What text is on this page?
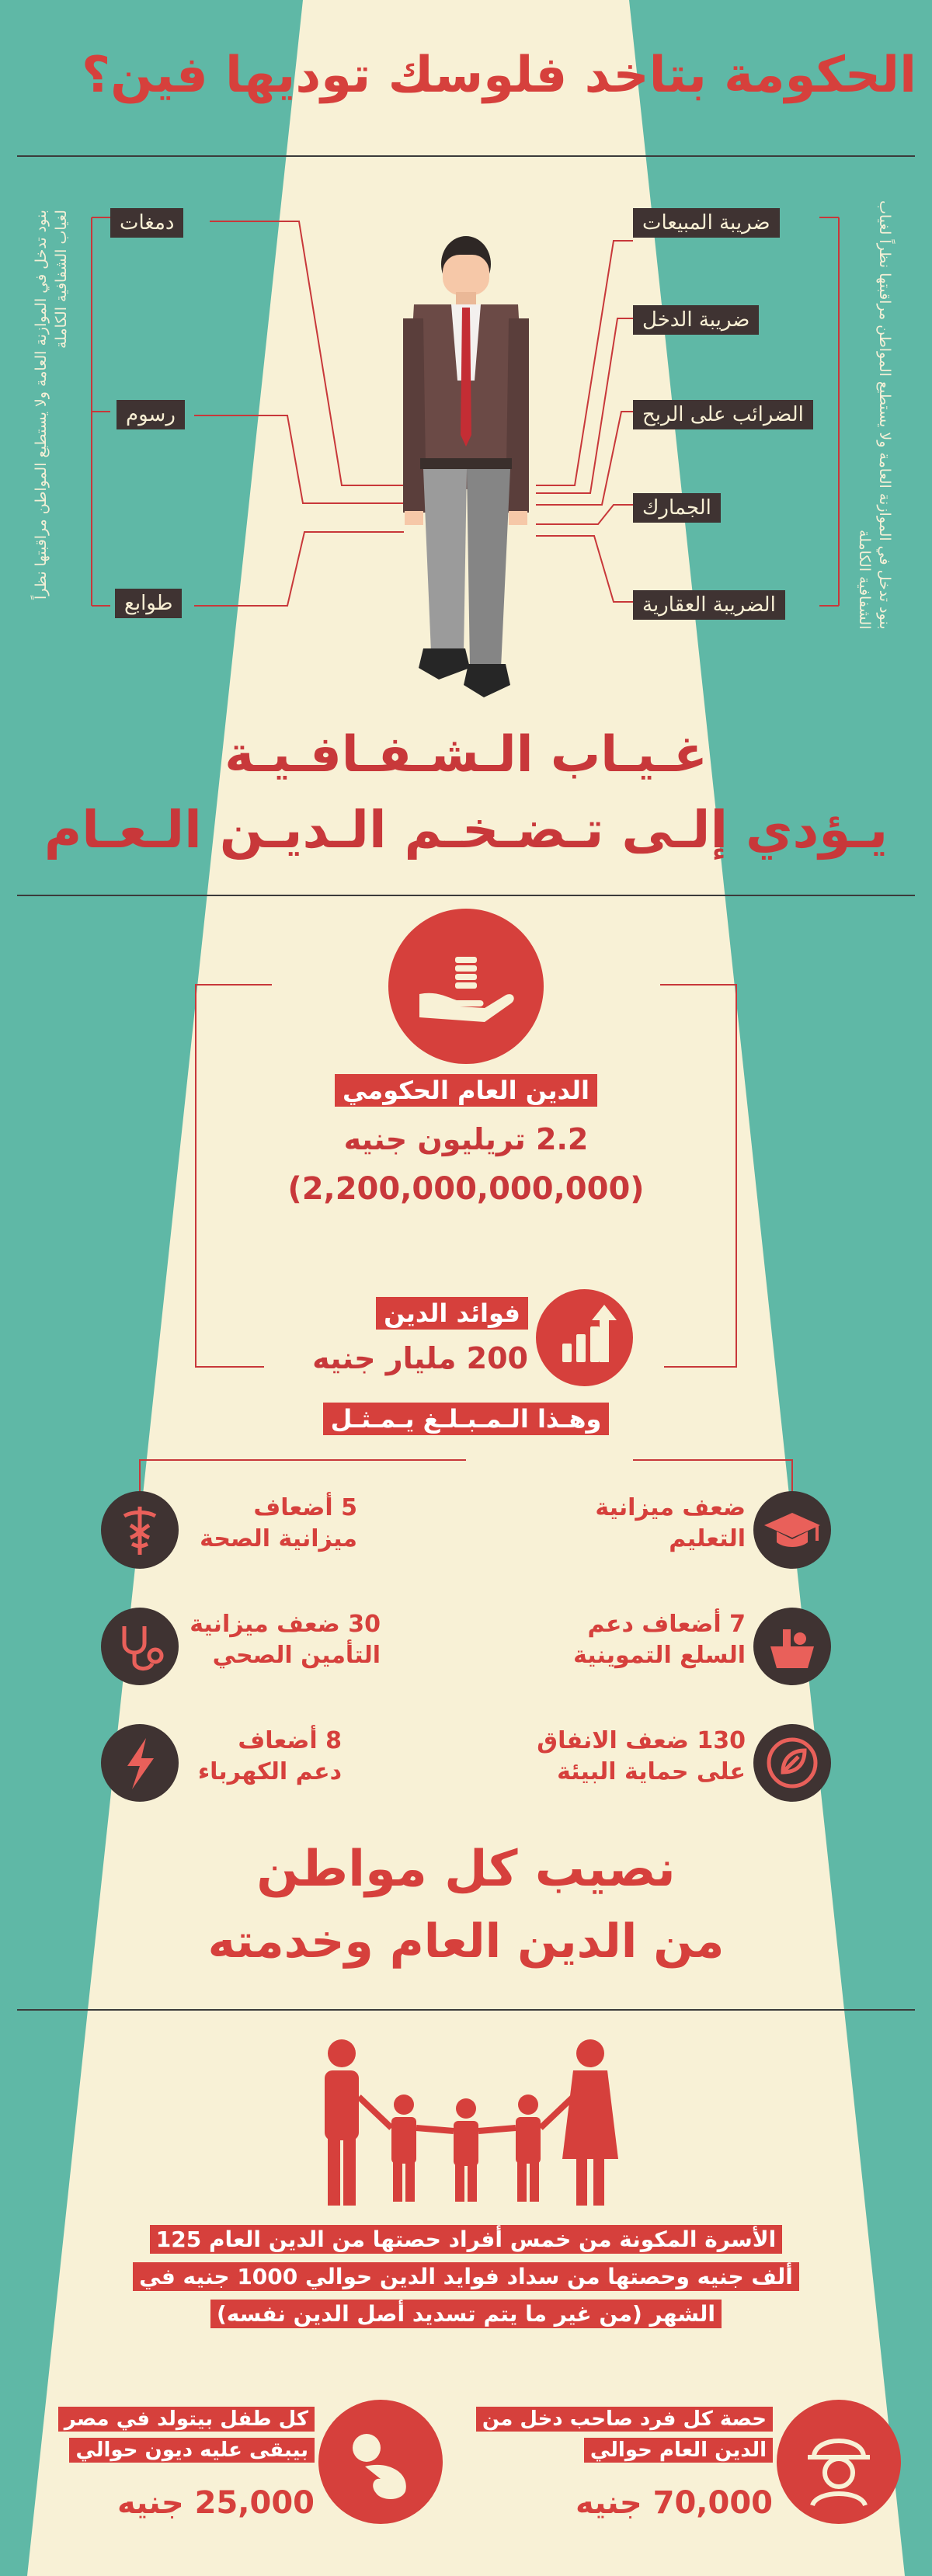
الحكومة بتاخد فلوسك توديها فين؟
دمغات
رسوم
طوابع
ضريبة المبيعات
ضريبة الدخل
الضرائب على الربح
الجمارك
الضريبة العقارية
بنود تدخل في الموازنة العامة ولا يستطيع المواطن مراقبتها نظراً لغياب الشفافية الكاملة	بنود تدخل في الموازنة العامة ولا يستطيع المواطن مراقبتها نظراً لغياب الشفافية الكاملة
غـيـاب الـشـفـافـيـة
يـؤدي إلـى تـضـخـم الـديـن الـعـام
الدين العام الحكومي
2.2 تريليون جنيه
(2,200,000,000,000)
فوائد الدين
200 مليار جنيه
وهـذا الـمـبـلـغ يـمـثـل
5 أضعاف ميزانية الصحة
30 ضعف ميزانية التأمين الصحي
8 أضعاف دعم الكهرباء
ضعف ميزانية التعليم
7 أضعاف دعم السلع التموينية
130 ضعف الانفاق على حماية البيئة
نصيب كل مواطن
من الدين العام وخدمته
الأسرة المكونة من خمس أفراد حصتها من الدين العام 125 ألف جنيه وحصتها من سداد فوايد الدين حوالي 1000 جنيه في الشهر (من غير ما يتم تسديد أصل الدين نفسه)
كل طفل بيتولد في مصر بيبقى عليه ديون حوالي
25,000 جنيه
حصة كل فرد صاحب دخل من الدين العام حوالي
70,000 جنيه
